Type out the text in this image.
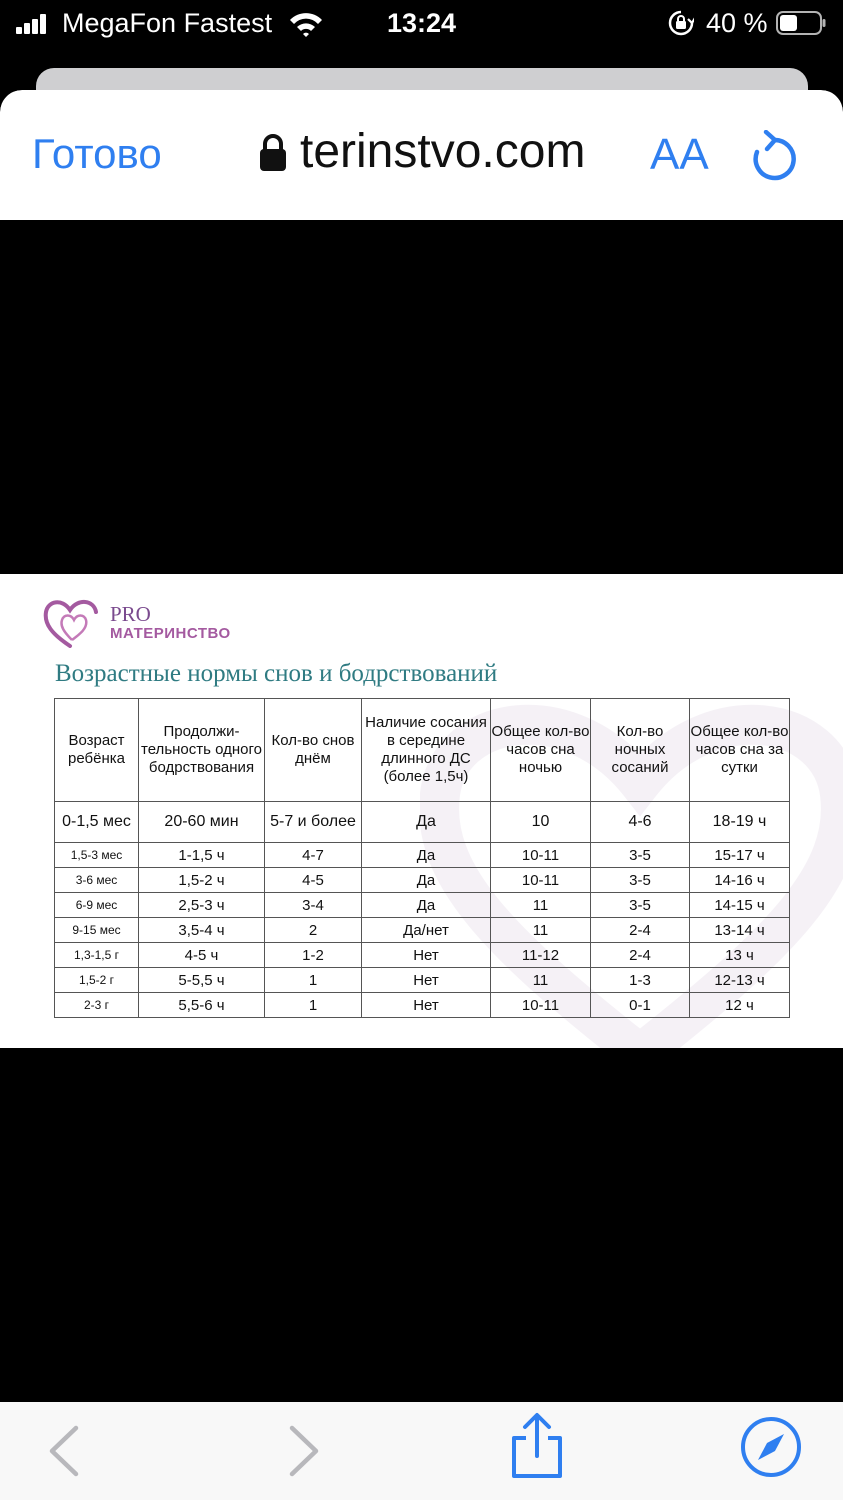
MegaFon Fastest	13:24	40 %
Готово	terinstvo.com	AA
PRO
МАТЕРИНСТВО
Возрастные нормы снов и бодрствований
Возраст ребёнка	Продолжи-тельность одного бодрствования	Кол-во снов днём	Наличие сосания в середине длинного ДС (более 1,5ч)	Общее кол-во часов сна ночью	Кол-во ночных сосаний	Общее кол-во часов сна за сутки
0-1,5 мес	20-60 мин	5-7 и более	Да	10	4-6	18-19 ч
1,5-3 мес	1-1,5 ч	4-7	Да	10-11	3-5	15-17 ч
3-6 мес	1,5-2 ч	4-5	Да	10-11	3-5	14-16 ч
6-9 мес	2,5-3 ч	3-4	Да	11	3-5	14-15 ч
9-15 мес	3,5-4 ч	2	Да/нет	11	2-4	13-14 ч
1,3-1,5 г	4-5 ч	1-2	Нет	11-12	2-4	13 ч
1,5-2 г	5-5,5 ч	1	Нет	11	1-3	12-13 ч
2-3 г	5,5-6 ч	1	Нет	10-11	0-1	12 ч
